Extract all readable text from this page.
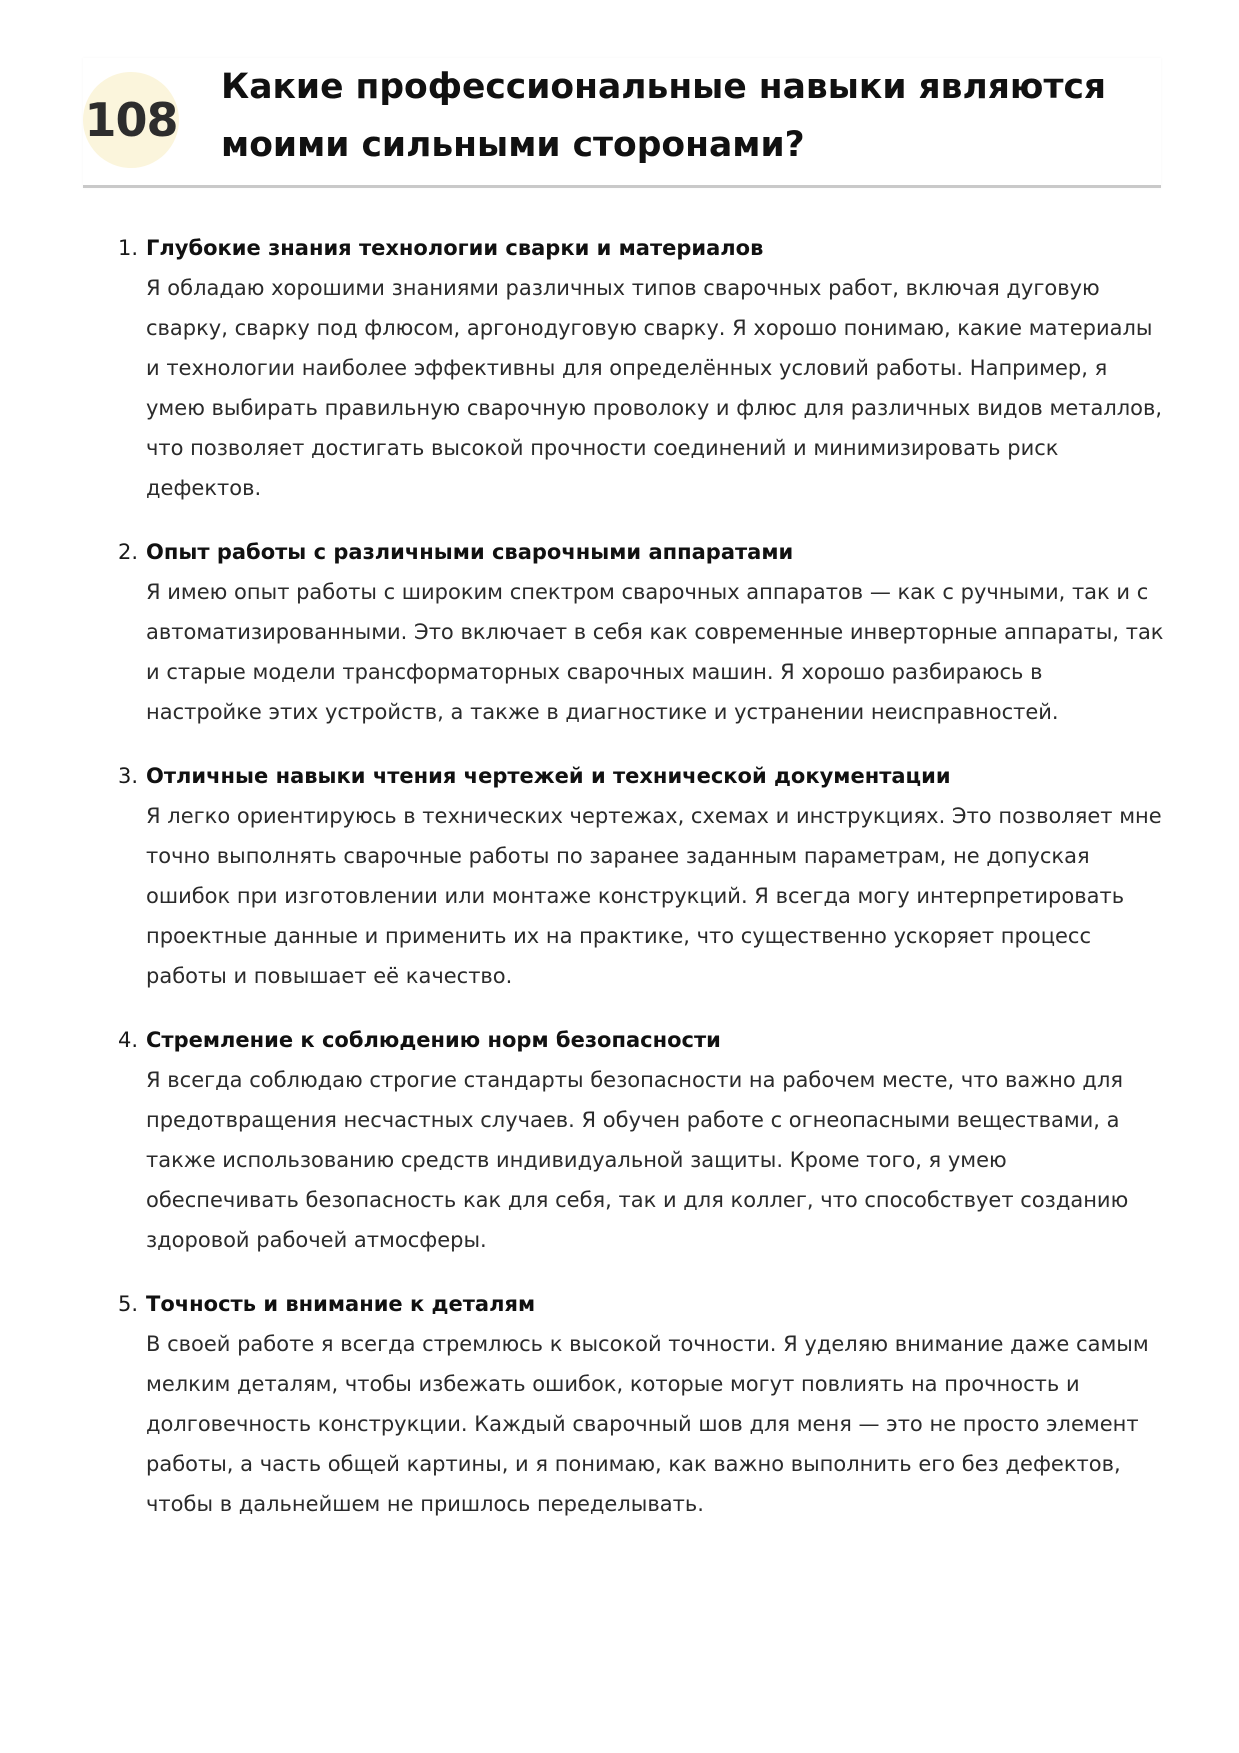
108
Какие профессиональные навыки являются моими сильными сторонами?
1. Глубокие знания технологии сварки и материалов

Я обладаю хорошими знаниями различных типов сварочных работ, включая дуговую сварку, сварку под флюсом, аргонодуговую сварку. Я хорошо понимаю, какие материалы и технологии наиболее эффективны для определённых условий работы. Например, я умею выбирать правильную сварочную проволоку и флюс для различных видов металлов, что позволяет достигать высокой прочности соединений и минимизировать риск дефектов.

2. Опыт работы с различными сварочными аппаратами

Я имею опыт работы с широким спектром сварочных аппаратов — как с ручными, так и с автоматизированными. Это включает в себя как современные инверторные аппараты, так и старые модели трансформаторных сварочных машин. Я хорошо разбираюсь в настройке этих устройств, а также в диагностике и устранении неисправностей.

3. Отличные навыки чтения чертежей и технической документации

Я легко ориентируюсь в технических чертежах, схемах и инструкциях. Это позволяет мне точно выполнять сварочные работы по заранее заданным параметрам, не допуская ошибок при изготовлении или монтаже конструкций. Я всегда могу интерпретировать проектные данные и применить их на практике, что существенно ускоряет процесс работы и повышает её качество.

4. Стремление к соблюдению норм безопасности

Я всегда соблюдаю строгие стандарты безопасности на рабочем месте, что важно для предотвращения несчастных случаев. Я обучен работе с огнеопасными веществами, а также использованию средств индивидуальной защиты. Кроме того, я умею обеспечивать безопасность как для себя, так и для коллег, что способствует созданию здоровой рабочей атмосферы.

5. Точность и внимание к деталям

В своей работе я всегда стремлюсь к высокой точности. Я уделяю внимание даже самым мелким деталям, чтобы избежать ошибок, которые могут повлиять на прочность и долговечность конструкции. Каждый сварочный шов для меня — это не просто элемент работы, а часть общей картины, и я понимаю, как важно выполнить его без дефектов, чтобы в дальнейшем не пришлось переделывать.
